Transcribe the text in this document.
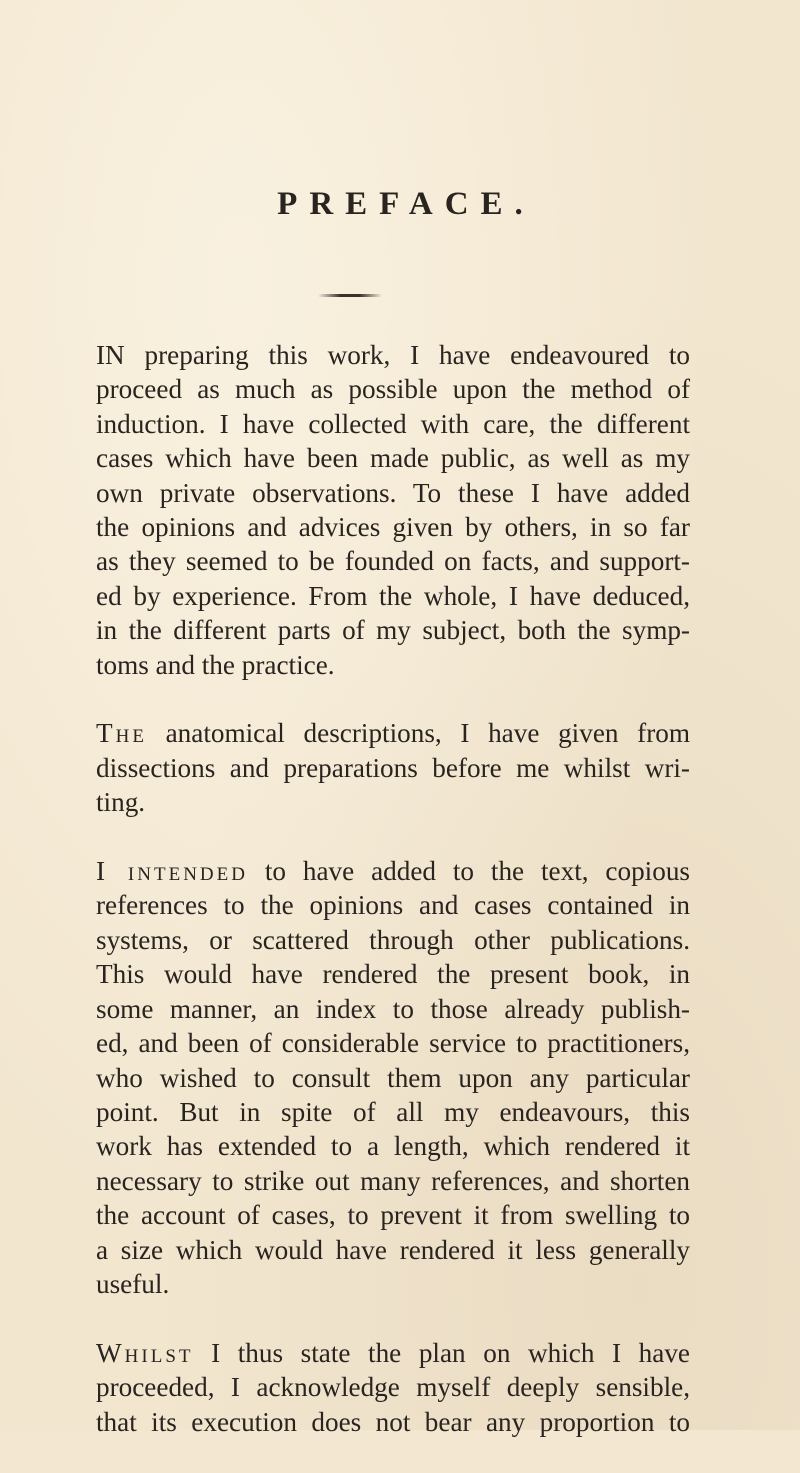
PREFACE.

IN preparing this work, I have endeavoured to
proceed as much as possible upon the method of
induction. I have collected with care, the different
cases which have been made public, as well as my
own private observations. To these I have added
the opinions and advices given by others, in so far
as they seemed to be founded on facts, and support-
ed by experience. From the whole, I have deduced,
in the different parts of my subject, both the symp-
toms and the practice.

The anatomical descriptions, I have given from
dissections and preparations before me whilst wri-
ting.

I intended to have added to the text, copious
references to the opinions and cases contained in
systems, or scattered through other publications.
This would have rendered the present book, in
some manner, an index to those already publish-
ed, and been of considerable service to practitioners,
who wished to consult them upon any particular
point. But in spite of all my endeavours, this
work has extended to a length, which rendered it
necessary to strike out many references, and shorten
the account of cases, to prevent it from swelling to
a size which would have rendered it less generally
useful.

Whilst I thus state the plan on which I have
proceeded, I acknowledge myself deeply sensible,
that its execution does not bear any proportion to
